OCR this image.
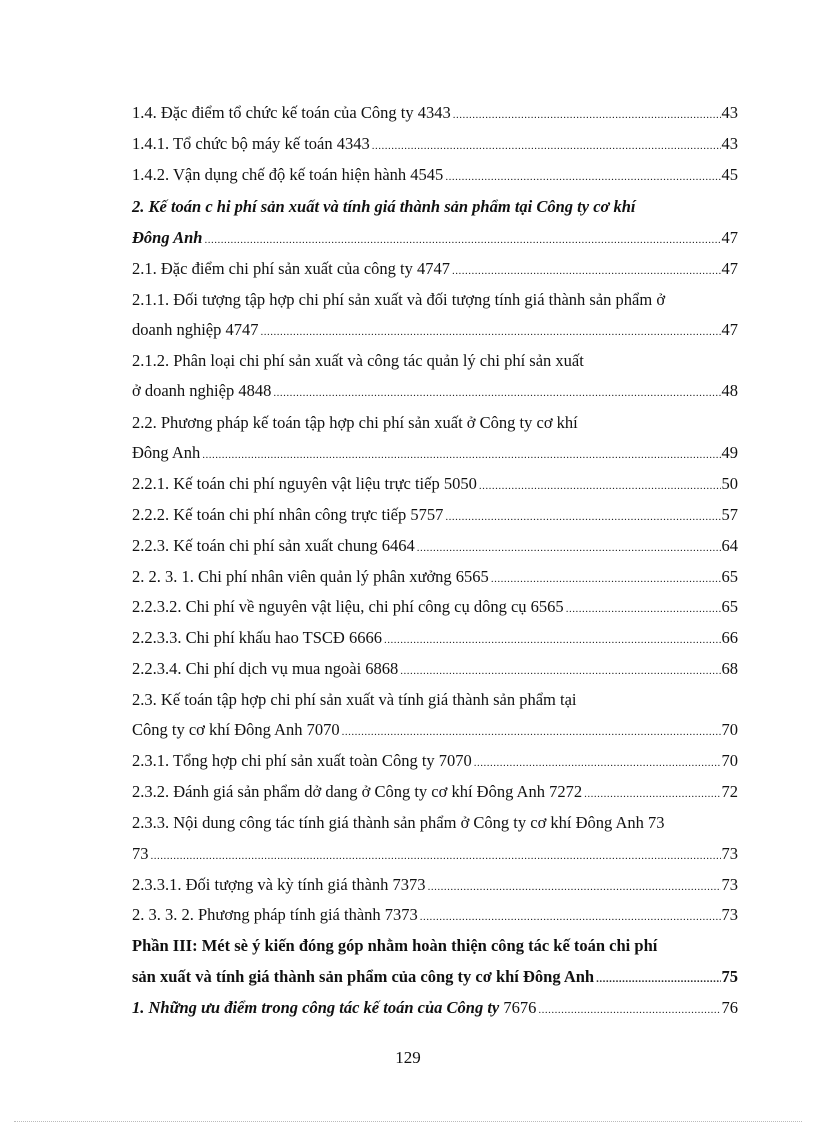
1.4. Đặc điểm tổ chức kế toán của Công ty 4343 .....	43
1.4.1. Tổ chức bộ máy kế toán 4343 .....	43
1.4.2. Vận dụng chế độ kế toán hiện hành 4545 .....	45
2. Kế toán c hi phí sản xuất và tính giá thành sản phẩm tại Công ty cơ khí
Đông Anh .....	47
2.1. Đặc điểm chi phí sản xuất của công ty 4747 .....	47
2.1.1. Đối tượng tập hợp chi phí sản xuất và đối tượng tính giá thành sản phẩm ở
doanh nghiệp 4747 .....	47
2.1.2. Phân loại chi phí sản xuất và công tác quản lý chi phí sản xuất
ở doanh nghiệp 4848 .....	48
2.2. Phương pháp kế toán tập hợp chi phí sản xuất ở Công ty cơ khí
Đông Anh .....	49
2.2.1. Kế toán chi phí nguyên vật liệu trực tiếp 5050 .....	50
2.2.2. Kế toán chi phí nhân công trực tiếp 5757 .....	57
2.2.3. Kế toán chi phí sản xuất chung 6464 .....	64
2. 2. 3. 1. Chi phí nhân viên quản lý phân xưởng 6565 .....	65
2.2.3.2. Chi phí về nguyên vật liệu, chi phí công cụ dông cụ 6565 .....	65
2.2.3.3. Chi phí khấu hao TSCĐ 6666 .....	66
2.2.3.4. Chi phí dịch vụ mua ngoài 6868 .....	68
2.3. Kế toán tập hợp chi phí sản xuất và tính giá thành sản phẩm tại
Công ty cơ khí Đông Anh 7070 .....	70
2.3.1. Tổng hợp chi phí sản xuất toàn Công ty 7070 .....	70
2.3.2. Đánh giá sản phẩm dở dang ở Công ty cơ khí Đông Anh 7272 .....	72
2.3.3. Nội dung công tác tính giá thành sản phẩm ở Công ty cơ khí Đông Anh 73
73 .....	73
2.3.3.1. Đối tượng và kỳ tính giá thành 7373 .....	73
2. 3. 3. 2. Phương pháp tính giá thành 7373 .....	73
Phần III: Mét sè ý kiến đóng góp nhằm hoàn thiện công tác kế toán chi phí
sản xuất và tính giá thành sản phẩm của công ty cơ khí Đông Anh .....	75
1. Những ưu điểm trong công tác kế toán của Công ty 7676 .....	76
129
